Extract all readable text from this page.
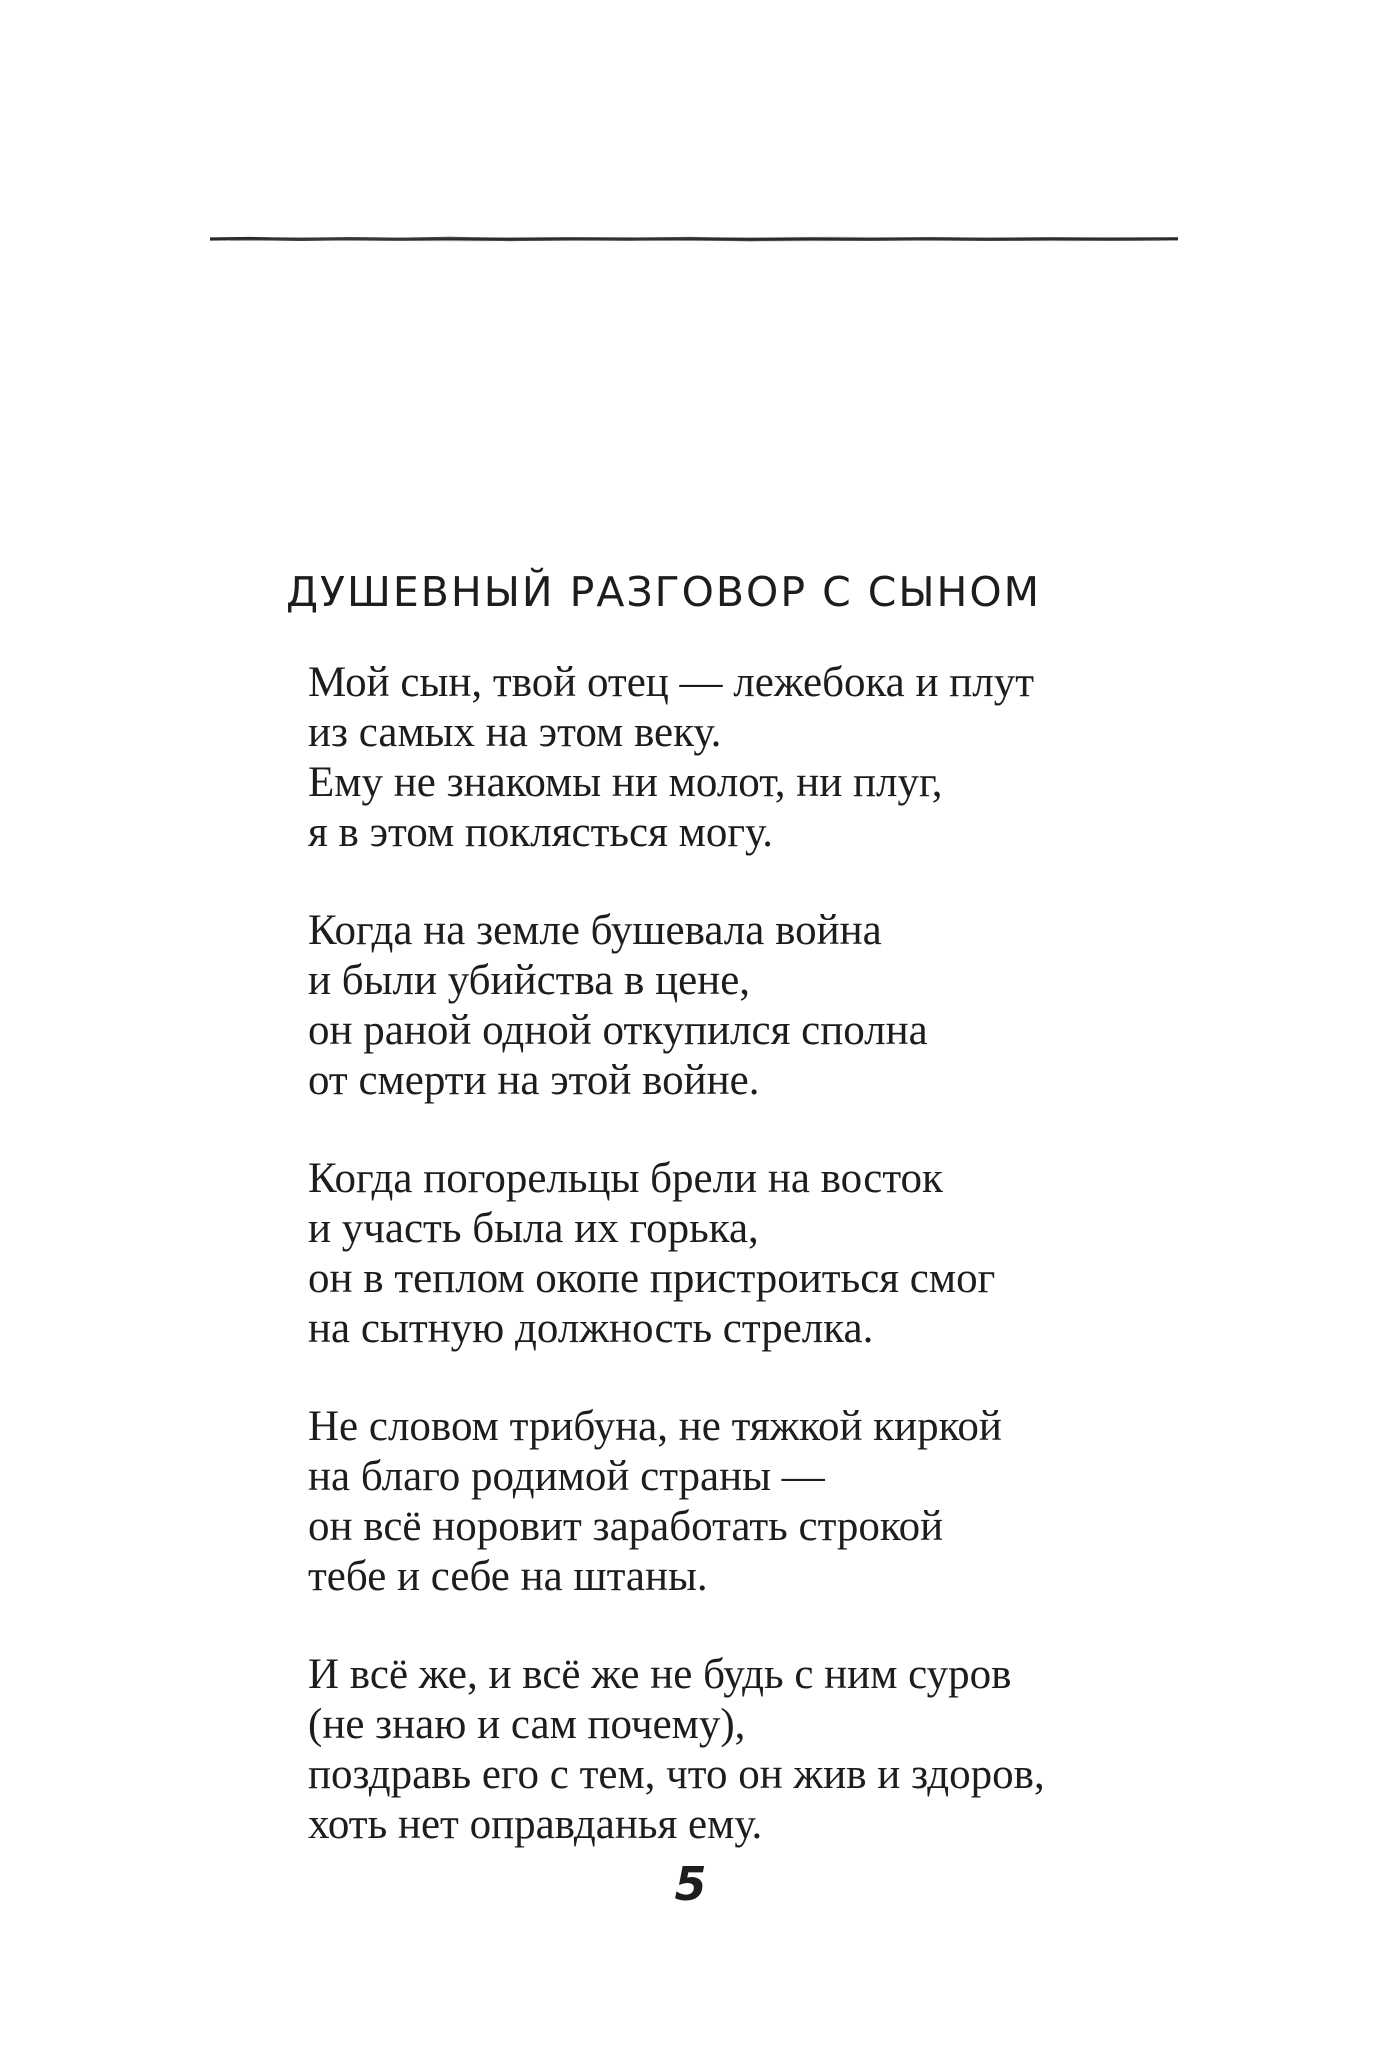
ДУШЕВНЫЙ РАЗГОВОР С СЫНОМ

Мой сын, твой отец — лежебока и плут
из самых на этом веку.
Ему не знакомы ни молот, ни плуг,
я в этом поклясться могу.

Когда на земле бушевала война
и были убийства в цене,
он раной одной откупился сполна
от смерти на этой войне.

Когда погорельцы брели на восток
и участь была их горька,
он в теплом окопе пристроиться смог
на сытную должность стрелка.

Не словом трибуна, не тяжкой киркой
на благо родимой страны —
он всё норовит заработать строкой
тебе и себе на штаны.

И всё же, и всё же не будь с ним суров
(не знаю и сам почему),
поздравь его с тем, что он жив и здоров,
хоть нет оправданья ему.

5
